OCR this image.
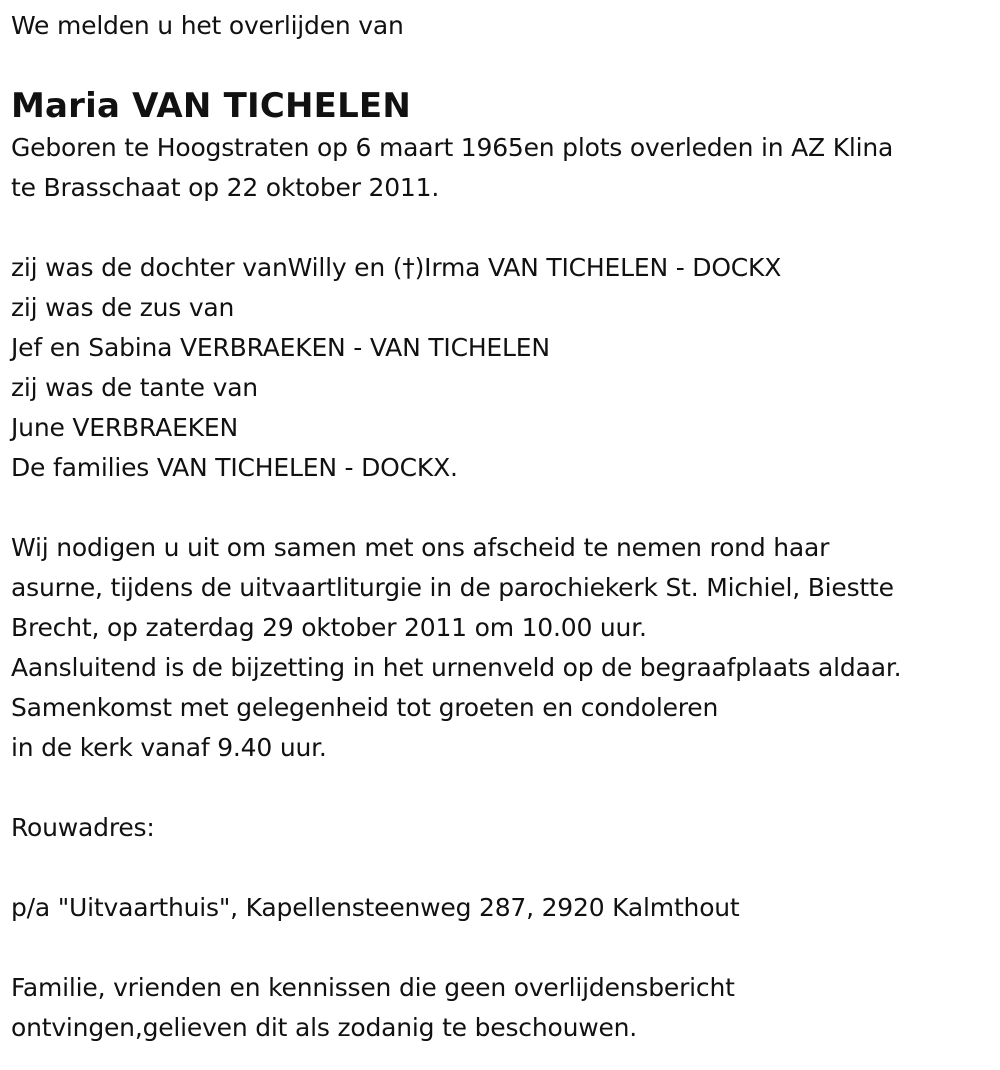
We melden u het overlijden van
Maria VAN TICHELEN
Geboren te Hoogstraten op 6 maart 1965en plots overleden in AZ Klina
te Brasschaat op 22 oktober 2011.
zij was de dochter vanWilly en (†)Irma VAN TICHELEN - DOCKX
zij was de zus van
Jef en Sabina VERBRAEKEN - VAN TICHELEN
zij was de tante van
June VERBRAEKEN
De families VAN TICHELEN - DOCKX.
Wij nodigen u uit om samen met ons afscheid te nemen rond haar
asurne, tijdens de uitvaartliturgie in de parochiekerk St. Michiel, Biestte
Brecht, op zaterdag 29 oktober 2011 om 10.00 uur.
Aansluitend is de bijzetting in het urnenveld op de begraafplaats aldaar.
Samenkomst met gelegenheid tot groeten en condoleren
in de kerk vanaf 9.40 uur.
Rouwadres:
p/a "Uitvaarthuis", Kapellensteenweg 287, 2920 Kalmthout
Familie, vrienden en kennissen die geen overlijdensbericht
ontvingen,gelieven dit als zodanig te beschouwen.
